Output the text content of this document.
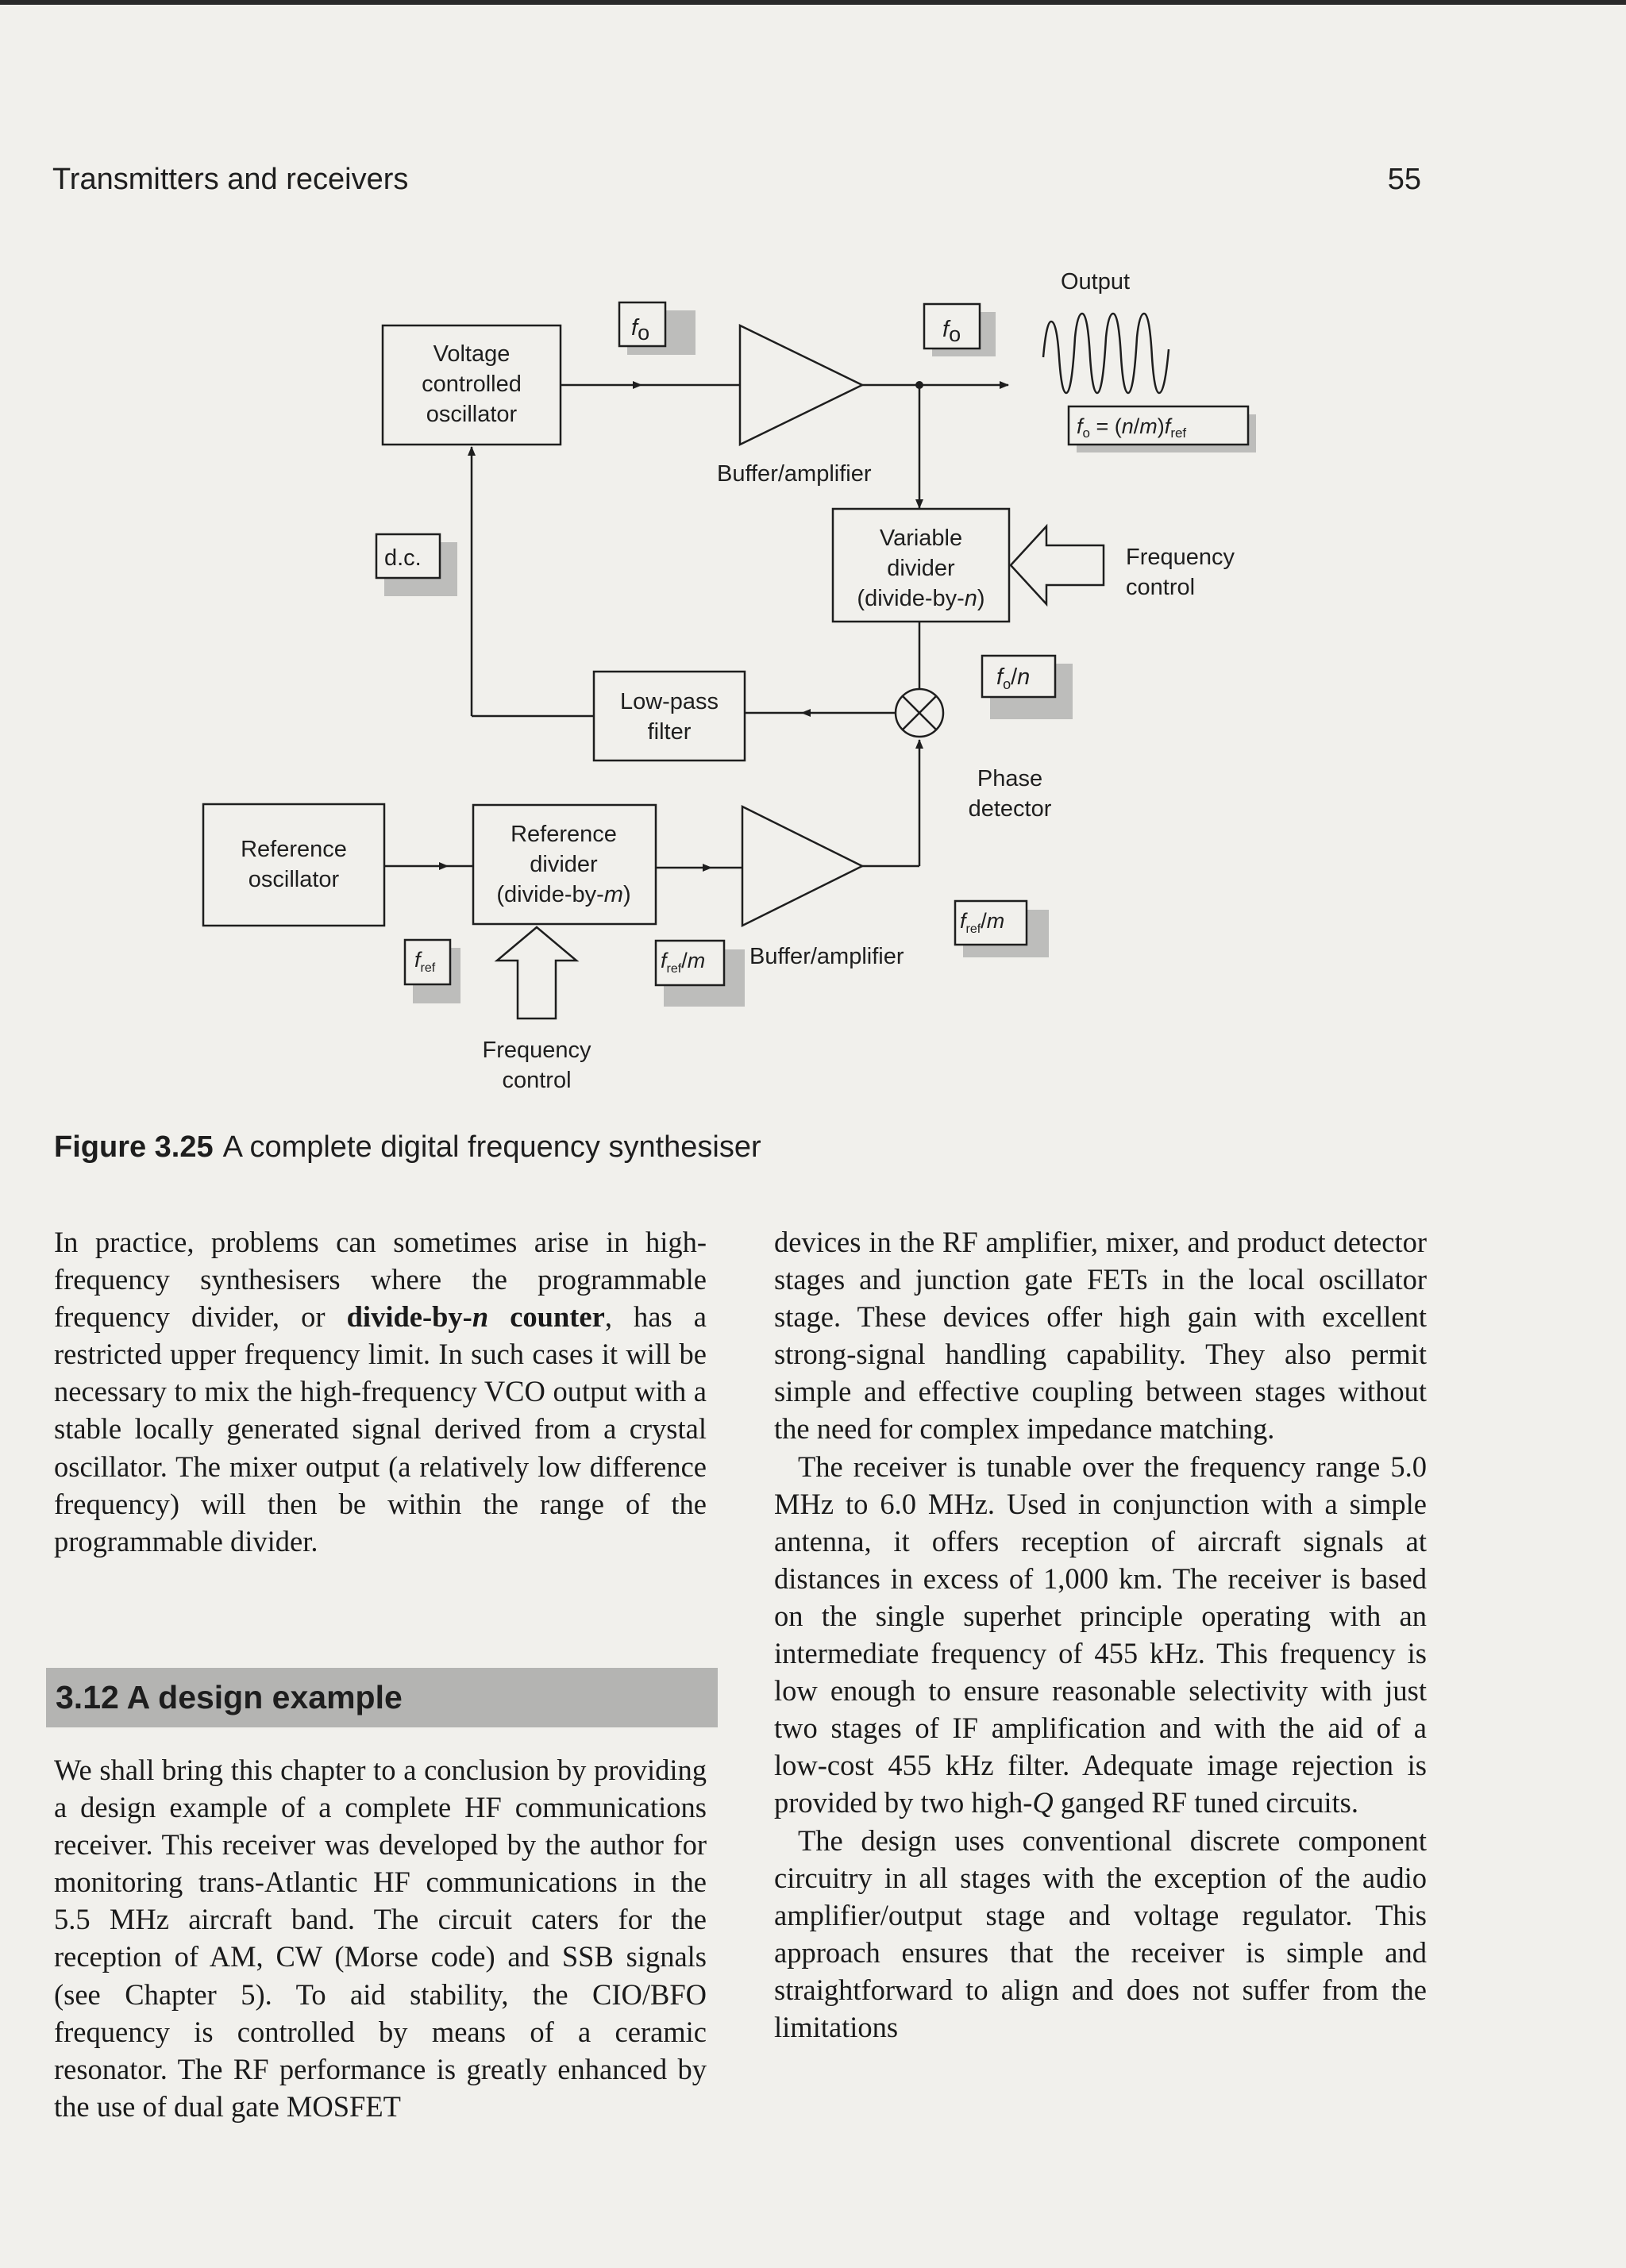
Transmitters and receivers	55
Voltage
controlled
oscillator
fo	fo
Output
Buffer/amplifier
fo = (n/m)fref
Variable
divider
(divide-by-n)
Frequency
control
d.c.
Low-pass
filter
$f_o/n$
Phase
detector
Reference
oscillator
Reference
divider
(divide-by-m)
$f_{ref}/m$
$f_{ref}$	$f_{ref}/m$ Buffer/amplifier
Frequency
control
Figure 3.25 A complete digital frequency synthesiser

In practice, problems can sometimes arise in high-frequency synthesisers where the programmable frequency divider, or divide-by-n counter, has a restricted upper frequency limit. In such cases it will be necessary to mix the high-frequency VCO output with a stable locally generated signal derived from a crystal oscillator. The mixer output (a relatively low difference frequency) will then be within the range of the programmable divider.

3.12 A design example

We shall bring this chapter to a conclusion by providing a design example of a complete HF communications receiver. This receiver was developed by the author for monitoring trans-Atlantic HF communications in the 5.5 MHz aircraft band. The circuit caters for the reception of AM, CW (Morse code) and SSB signals (see Chapter 5). To aid stability, the CIO/BFO frequency is controlled by means of a ceramic resonator. The RF performance is greatly enhanced by the use of dual gate MOSFET

devices in the RF amplifier, mixer, and product detector stages and junction gate FETs in the local oscillator stage. These devices offer high gain with excellent strong-signal handling capability. They also permit simple and effective coupling between stages without the need for complex impedance matching.

The receiver is tunable over the frequency range 5.0 MHz to 6.0 MHz. Used in conjunction with a simple antenna, it offers reception of aircraft signals at distances in excess of 1,000 km. The receiver is based on the single superhet principle operating with an intermediate frequency of 455 kHz. This frequency is low enough to ensure reasonable selectivity with just two stages of IF amplification and with the aid of a low-cost 455 kHz filter. Adequate image rejection is provided by two high-Q ganged RF tuned circuits.

The design uses conventional discrete component circuitry in all stages with the exception of the audio amplifier/output stage and voltage regulator. This approach ensures that the receiver is simple and straightforward to align and does not suffer from the limitations
